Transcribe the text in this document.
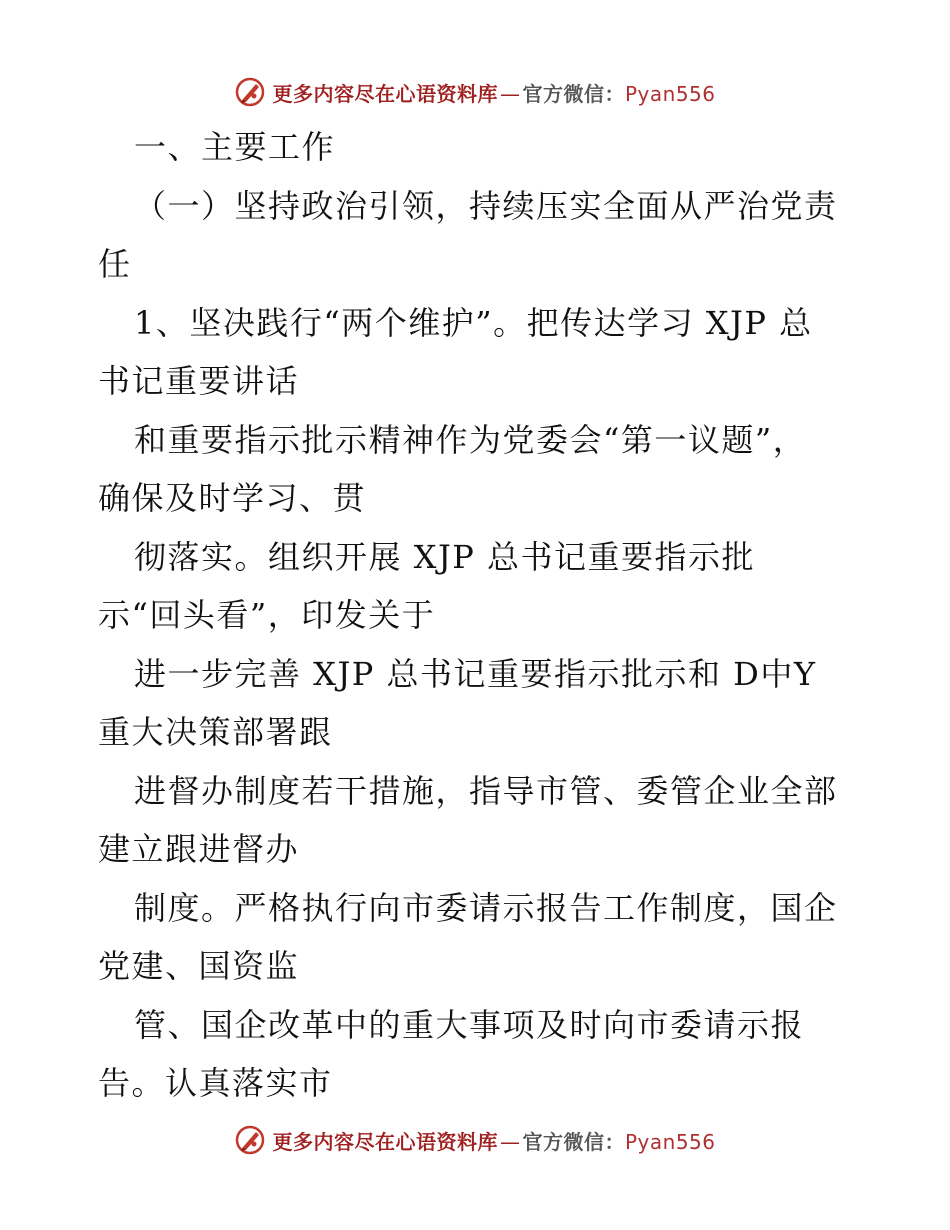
更多内容尽在心语资料库 — 官方微信：Pyan556
一、主要工作
（一）坚持政治引领，持续压实全面从严治党责
任
1、坚决践行“两个维护”。把传达学习 XJP 总
书记重要讲话
和重要指示批示精神作为党委会“第一议题”，
确保及时学习、贯
彻落实。组织开展 XJP 总书记重要指示批
示“回头看”，印发关于
进一步完善 XJP 总书记重要指示批示和 D中Y
重大决策部署跟
进督办制度若干措施，指导市管、委管企业全部
建立跟进督办
制度。严格执行向市委请示报告工作制度，国企
党建、国资监
管、国企改革中的重大事项及时向市委请示报
告。认真落实市
更多内容尽在心语资料库 — 官方微信：Pyan556
